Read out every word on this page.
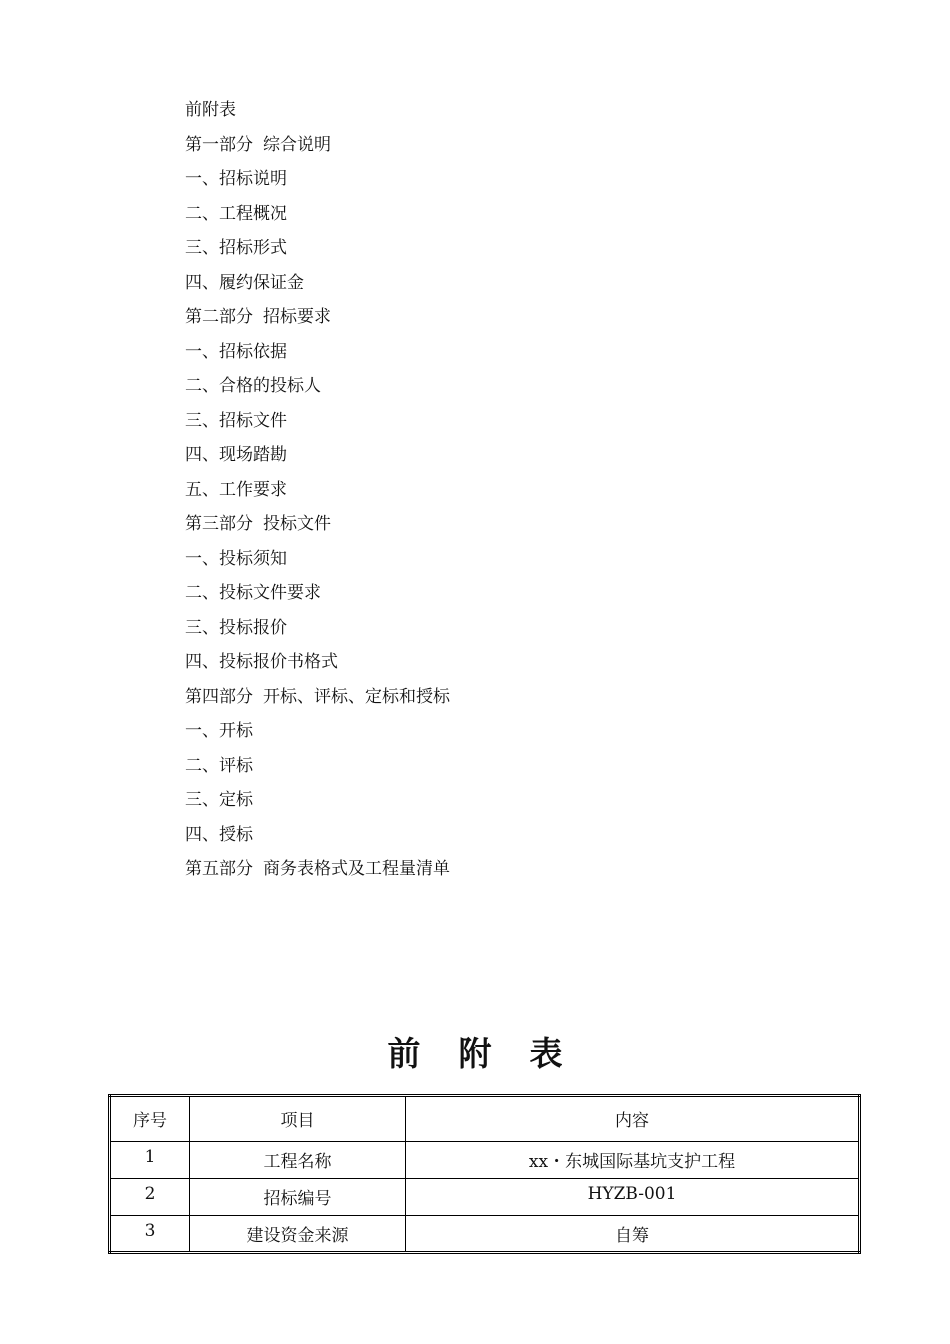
前附表
第一部分 综合说明
一、招标说明
二、工程概况
三、招标形式
四、履约保证金
第二部分 招标要求
一、招标依据
二、合格的投标人
三、招标文件
四、现场踏勘
五、工作要求
第三部分 投标文件
一、投标须知
二、投标文件要求
三、投标报价
四、投标报价书格式
第四部分 开标、评标、定标和授标
一、开标
二、评标
三、定标
四、授标
第五部分 商务表格式及工程量清单
前附表
序号	项目	内容
1	工程名称	xx・东城国际基坑支护工程
2	招标编号	HYZB-001
3	建设资金来源	自筹
